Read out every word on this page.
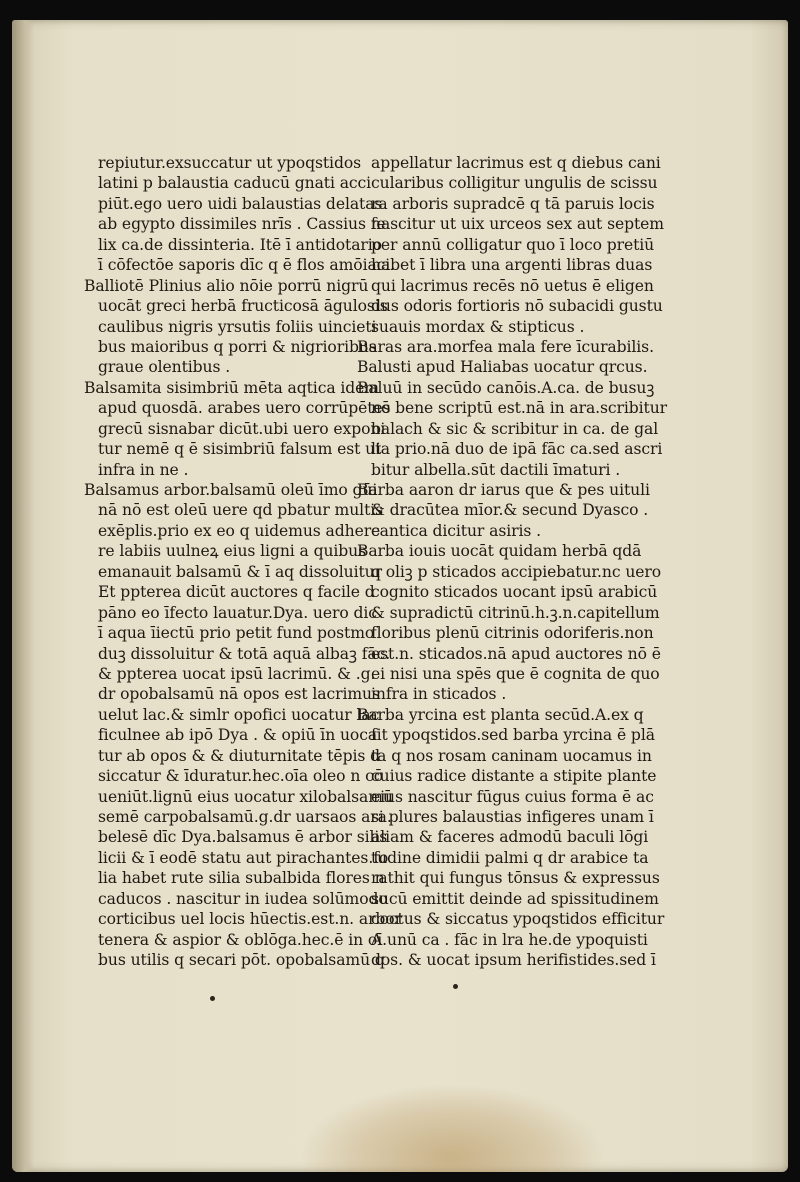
repiutur.exsuccatur ut ypoqstidos
latini p balaustia caducū gnati acci
piūt.ego uero uidi balaustias delatas
ab egypto dissimiles nrīs . Cassius fe
lix ca.de dissinteria. Itē ī antidotario
ī cōfectōe saporis dīc q ē flos amōiaci.
Balliotē Plinius alio nōie porrū nigrū
uocāt greci herbā fructicosā āgulosis
caulibus nigris yrsutis foliis uincieti
bus maioribus q porri & nigrioribus
graue olentibus .
Balsamita sisimbriū mēta aqtica idem
apud quosdā. arabes uero corrūpētes
grecū sisnabar dicūt.ubi uero exponi
tur nemē q ē sisimbriū falsum est ut
infra in ne .
Balsamus arbor.balsamū oleū īmo gūi
nā nō est oleū uere qd pbatur multis
exēplis.prio ex eo q uidemus adhere
re labiis uulneꝝ eius ligni a quibus
emanauit balsamū & ī aq dissoluitur
Et ppterea dicūt auctores q facile d
pāno eo īfecto lauatur.Dya. uero dic
ī aqua īiectū prio petit fund postmo
duꝫ dissoluitur & totā aquā albaꝫ fāc.
& ppterea uocat ipsū lacrimū. & .g.
dr opobalsamū nā opos est lacrimus
uelut lac.& simlr opofici uocatur lac
ficulnee ab ipō Dya . & opiū īn uoca
tur ab opos & & diuturnitate tēpis d
siccatur & īduratur.hec.oīa oleo n cō
ueniūt.lignū eius uocatur xilobalsamū
semē carpobalsamū.g.dr uarsaos ara.
belesē dīc Dya.balsamus ē arbor silis
licii & ī eodē statu aut pirachantes.fo
lia habet rute silia subalbida flores n
caducos . nascitur in iudea solūmodo
corticibus uel locis hūectis.est.n. arbor
tenera & aspior & oblōga.hec.ē in oī
bus utilis q secari pōt. opobalsamū q
appellatur lacrimus est q diebus cani
cularibus colligitur ungulis de scissu
ra arboris supradcē q tā paruis locis
nascitur ut uix urceos sex aut septem
per annū colligatur quo ī loco pretiū
habet ī libra una argenti libras duas
qui lacrimus recēs nō uetus ē eligen
dus odoris fortioris nō subacidi gustu
suauis mordax & stipticus .
Baras ara.morfea mala fere īcurabilis.
Balusti apud Haliabas uocatur qrcus.
Baluū in secūdo canōis.A.ca. de busuꝫ
nō bene scriptū est.nā in ara.scribitur
balach & sic & scribitur in ca. de gal
lia prio.nā duo de ipā fāc ca.sed ascri
bitur albella.sūt dactili īmaturi .
Barba aaron dr iarus que & pes uituli
& dracūtea mīor.& secund Dyasco .
cantica dicitur asiris .
Barba iouis uocāt quidam herbā qdā
q oliꝫ p sticados accipiebatur.nc uero
cognito sticados uocant ipsū arabicū
& supradictū citrinū.h.ꝫ.n.capitellum
floribus plenū citrinis odoriferis.non
est.n. sticados.nā apud auctores nō ē
ei nisi una spēs que ē cognita de quo
infra in sticados .
Barba yrcina est planta secūd.A.ex q
fit ypoqstidos.sed barba yrcina ē plā
ta q nos rosam caninam uocamus in
cuius radice distante a stipite plante
eius nascitur fūgus cuius forma ē ac
si plures balaustias infigeres unam ī
aliam & faceres admodū baculi lōgi
tudine dimidii palmi q dr arabice ta
rathit qui fungus tōnsus & expressus
sucū emittit deinde ad spissitudinem
coctus & siccatus ypoqstidos efficitur
A.unū ca . fāc in lra he.de ypoquisti
dos. & uocat ipsum herifistides.sed ī
